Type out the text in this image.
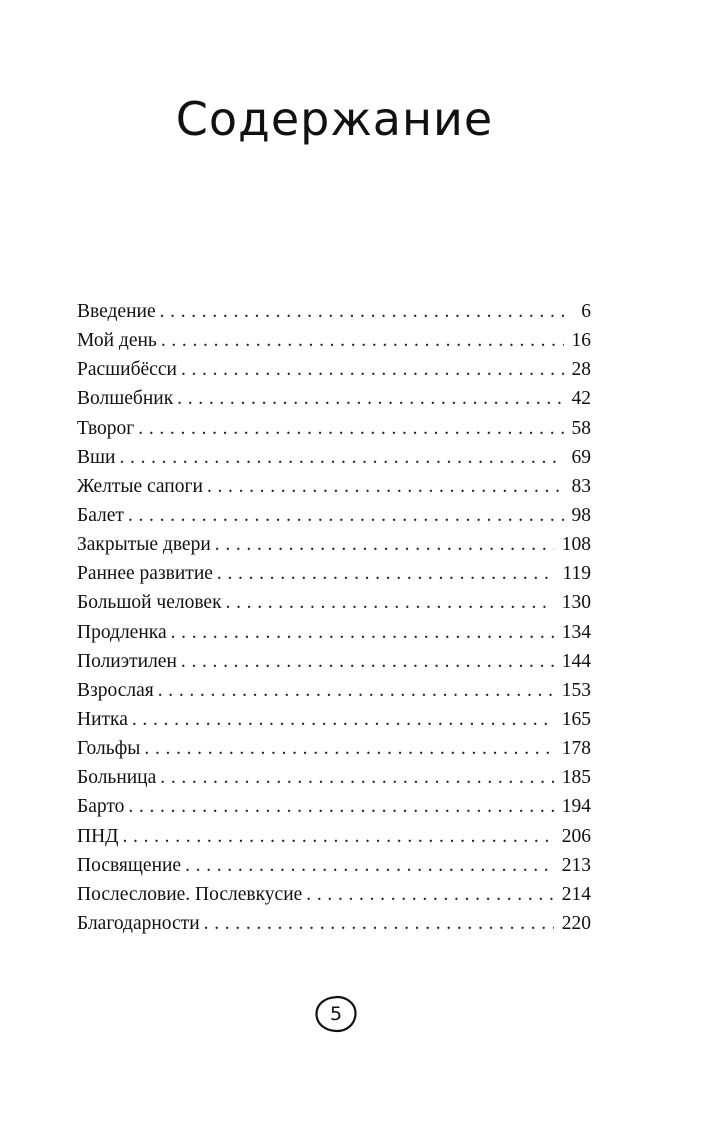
Содержание
Введение . . .	6
Мой день . . .	16
Расшибёсси . . .	28
Волшебник . . .	42
Творог . . .	58
Вши . . .	69
Желтые сапоги . . .	83
Балет . . .	98
Закрытые двери . . .	108
Раннее развитие . . .	119
Большой человек . . .	130
Продленка . . .	134
Полиэтилен . . .	144
Взрослая . . .	153
Нитка . . .	165
Гольфы . . .	178
Больница . . .	185
Барто . . .	194
ПНД . . .	206
Посвящение . . .	213
Послесловие. Послевкусие . . .	214
Благодарности . . .	220
5
